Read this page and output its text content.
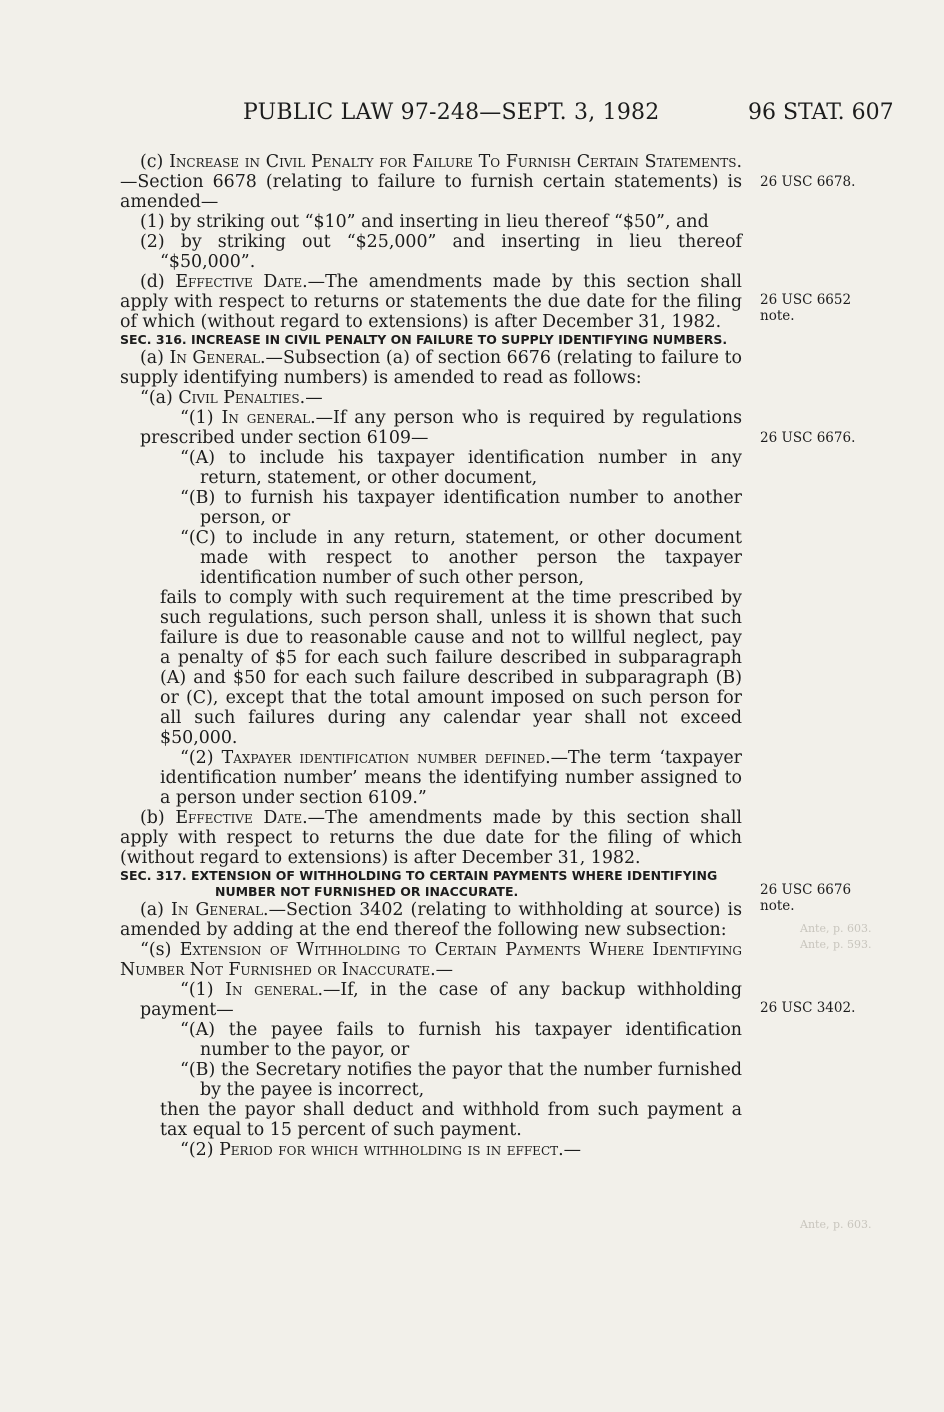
PUBLIC LAW 97-248—SEPT. 3, 1982	96 STAT. 607

(c) Increase in Civil Penalty for Failure To Furnish Certain Statements.—Section 6678 (relating to failure to furnish certain statements) is amended—

(1) by striking out “$10” and inserting in lieu thereof “$50”, and

(2) by striking out “$25,000” and inserting in lieu thereof “$50,000”.

(d) Effective Date.—The amendments made by this section shall apply with respect to returns or statements the due date for the filing of which (without regard to extensions) is after December 31, 1982.

SEC. 316. INCREASE IN CIVIL PENALTY ON FAILURE TO SUPPLY IDENTIFYING NUMBERS.

(a) In General.—Subsection (a) of section 6676 (relating to failure to supply identifying numbers) is amended to read as follows:

“(a) Civil Penalties.—

“(1) In general.—If any person who is required by regulations prescribed under section 6109—

“(A) to include his taxpayer identification number in any return, statement, or other document,

“(B) to furnish his taxpayer identification number to another person, or

“(C) to include in any return, statement, or other document made with respect to another person the taxpayer identification number of such other person,

fails to comply with such requirement at the time prescribed by such regulations, such person shall, unless it is shown that such failure is due to reasonable cause and not to willful neglect, pay a penalty of $5 for each such failure described in subparagraph (A) and $50 for each such failure described in subparagraph (B) or (C), except that the total amount imposed on such person for all such failures during any calendar year shall not exceed $50,000.

“(2) Taxpayer identification number defined.—The term ‘taxpayer identification number’ means the identifying number assigned to a person under section 6109.”

(b) Effective Date.—The amendments made by this section shall apply with respect to returns the due date for the filing of which (without regard to extensions) is after December 31, 1982.

SEC. 317. EXTENSION OF WITHHOLDING TO CERTAIN PAYMENTS WHERE IDENTIFYING NUMBER NOT FURNISHED OR INACCURATE.

(a) In General.—Section 3402 (relating to withholding at source) is amended by adding at the end thereof the following new subsection:

“(s) Extension of Withholding to Certain Payments Where Identifying Number Not Furnished or Inaccurate.—

“(1) In general.—If, in the case of any backup withholding payment—

“(A) the payee fails to furnish his taxpayer identification number to the payor, or

“(B) the Secretary notifies the payor that the number furnished by the payee is incorrect,

then the payor shall deduct and withhold from such payment a tax equal to 15 percent of such payment.

“(2) Period for which withholding is in effect.—

26 USC 6678.
26 USC 6652 note.
26 USC 6676.
26 USC 6676 note.
26 USC 3402.
Ante, p. 603.
Ante, p. 593.
Ante, p. 603.
